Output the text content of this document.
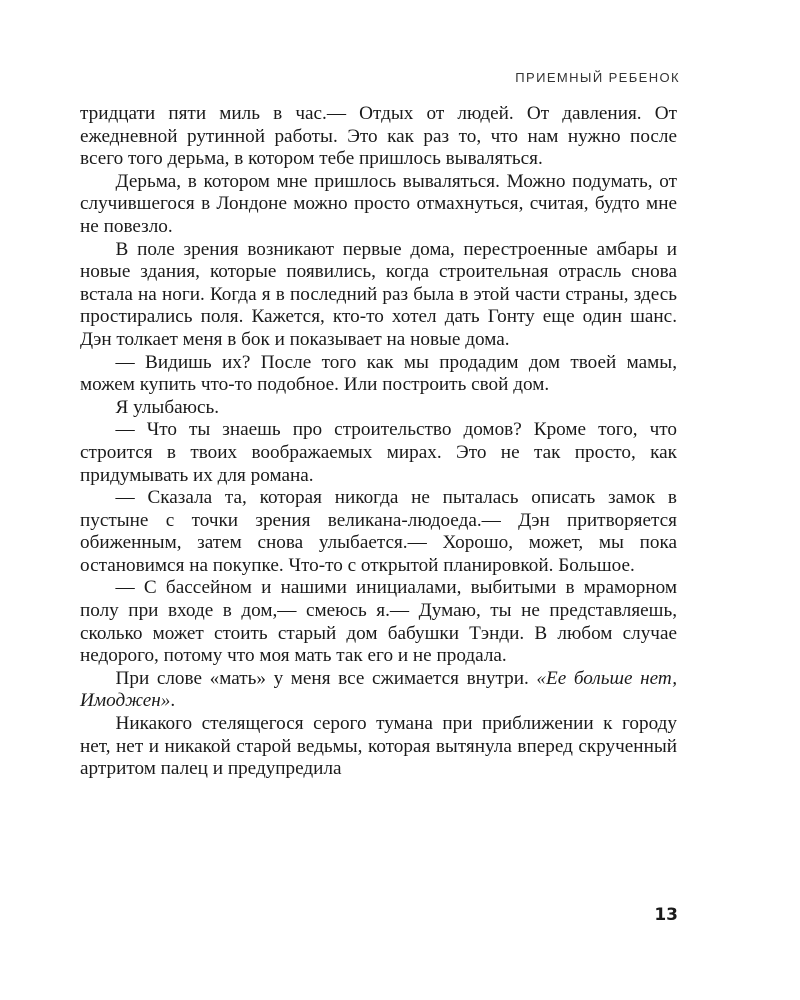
ПРИЕМНЫЙ РЕБЕНОК

тридцати пяти миль в час.— Отдых от людей. От давления. От ежедневной рутинной работы. Это как раз то, что нам нужно после всего того дерьма, в котором тебе пришлось вываляться.

Дерьма, в котором мне пришлось вываляться. Можно подумать, от случившегося в Лондоне можно просто отмахнуться, считая, будто мне не повезло.

В поле зрения возникают первые дома, перестроенные амбары и новые здания, которые появились, когда строительная отрасль снова встала на ноги. Когда я в последний раз была в этой части страны, здесь простирались поля. Кажется, кто-то хотел дать Гонту еще один шанс. Дэн толкает меня в бок и показывает на новые дома.

— Видишь их? После того как мы продадим дом твоей мамы, можем купить что-то подобное. Или построить свой дом.

Я улыбаюсь.

— Что ты знаешь про строительство домов? Кроме того, что строится в твоих воображаемых мирах. Это не так просто, как придумывать их для романа.

— Сказала та, которая никогда не пыталась описать замок в пустыне с точки зрения великана-людоеда.— Дэн притворяется обиженным, затем снова улыбается.— Хорошо, может, мы пока остановимся на покупке. Что-то с открытой планировкой. Большое.

— С бассейном и нашими инициалами, выбитыми в мраморном полу при входе в дом,— смеюсь я.— Думаю, ты не представляешь, сколько может стоить старый дом бабушки Тэнди. В любом случае недорого, потому что моя мать так его и не продала.

При слове «мать» у меня все сжимается внутри. «Ее больше нет, Имоджен».

Никакого стелящегося серого тумана при приближении к городу нет, нет и никакой старой ведьмы, которая вытянула вперед скрученный артритом палец и предупредила

13
